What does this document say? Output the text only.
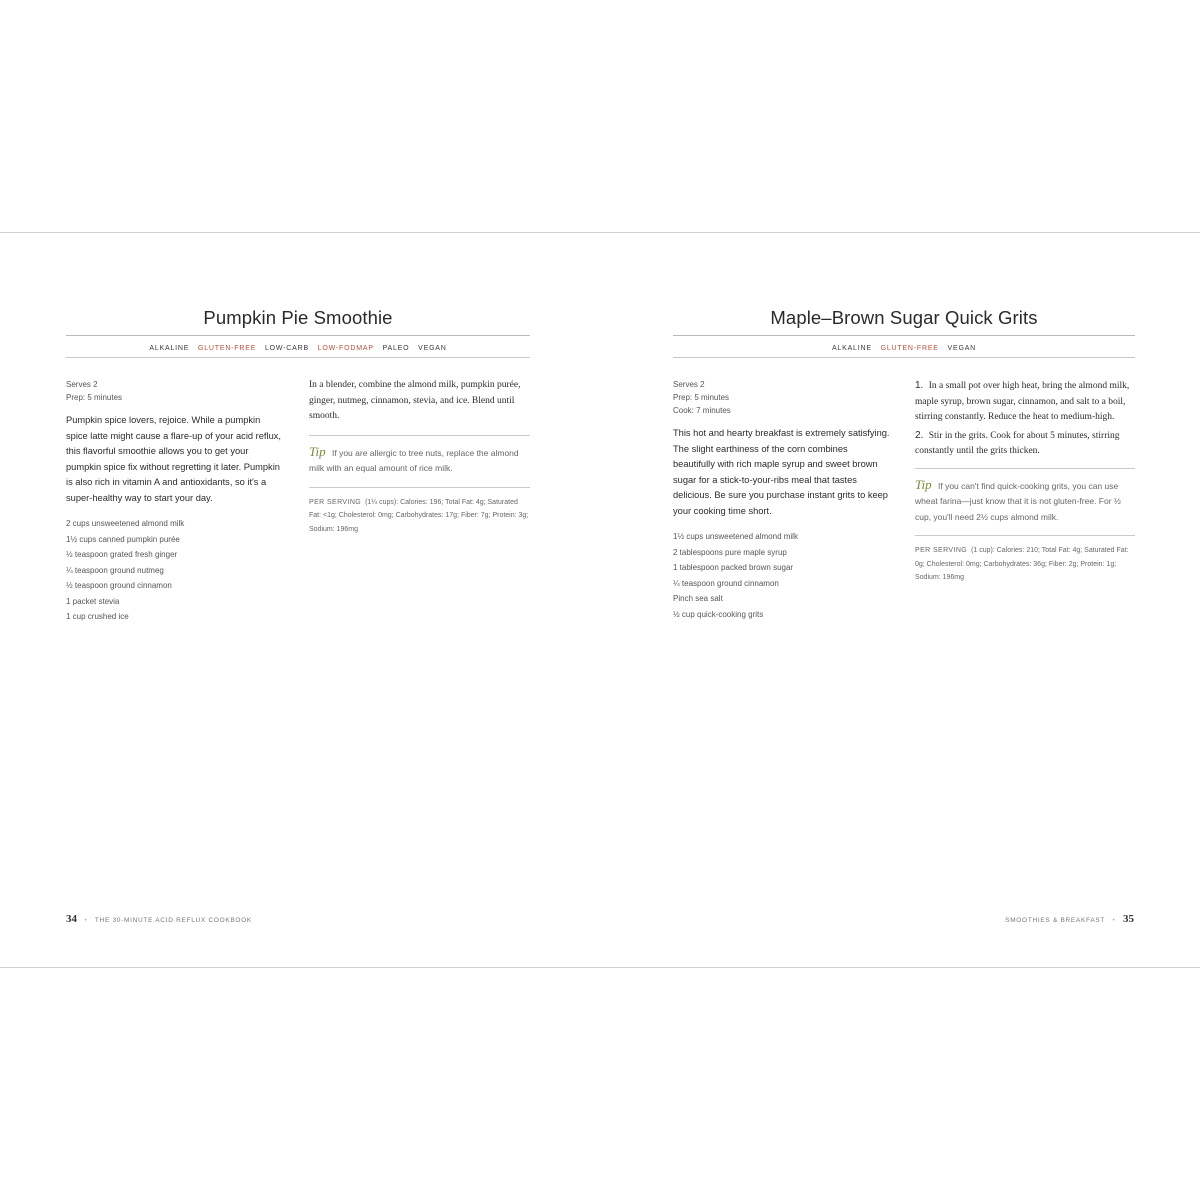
Pumpkin Pie Smoothie
ALKALINE GLUTEN-FREE LOW-CARB LOW-FODMAP PALEO VEGAN
Serves 2
Prep: 5 minutes
Pumpkin spice lovers, rejoice. While a pumpkin spice latte might cause a flare-up of your acid reflux, this flavorful smoothie allows you to get your pumpkin spice fix without regretting it later. Pumpkin is also rich in vitamin A and antioxidants, so it's a super-healthy way to start your day.
2 cups unsweetened almond milk
1½ cups canned pumpkin purée
½ teaspoon grated fresh ginger
¼ teaspoon ground nutmeg
½ teaspoon ground cinnamon
1 packet stevia
1 cup crushed ice

In a blender, combine the almond milk, pumpkin purée, ginger, nutmeg, cinnamon, stevia, and ice. Blend until smooth.

Tip If you are allergic to tree nuts, replace the almond milk with an equal amount of rice milk.
PER SERVING (1¼ cups): Calories: 196; Total Fat: 4g; Saturated Fat: <1g; Cholesterol: 0mg; Carbohydrates: 17g; Fiber: 7g; Protein: 3g; Sodium: 196mg
Maple–Brown Sugar Quick Grits
ALKALINE GLUTEN-FREE VEGAN
Serves 2
Prep: 5 minutes
Cook: 7 minutes
This hot and hearty breakfast is extremely satisfying. The slight earthiness of the corn combines beautifully with rich maple syrup and sweet brown sugar for a stick-to-your-ribs meal that tastes delicious. Be sure you purchase instant grits to keep your cooking time short.
1½ cups unsweetened almond milk
2 tablespoons pure maple syrup
1 tablespoon packed brown sugar
¼ teaspoon ground cinnamon
Pinch sea salt
½ cup quick-cooking grits
1. In a small pot over high heat, bring the almond milk, maple syrup, brown sugar, cinnamon, and salt to a boil, stirring constantly. Reduce the heat to medium-high.
2. Stir in the grits. Cook for about 5 minutes, stirring constantly until the grits thicken.
Tip If you can't find quick-cooking grits, you can use wheat farina—just know that it is not gluten-free. For ½ cup, you'll need 2½ cups almond milk.
PER SERVING (1 cup): Calories: 210; Total Fat: 4g; Saturated Fat: 0g; Cholesterol: 0mg; Carbohydrates: 36g; Fiber: 2g; Protein: 1g; Sodium: 196mg
34 • THE 30-MINUTE ACID REFLUX COOKBOOK	SMOOTHIES & BREAKFAST • 35
